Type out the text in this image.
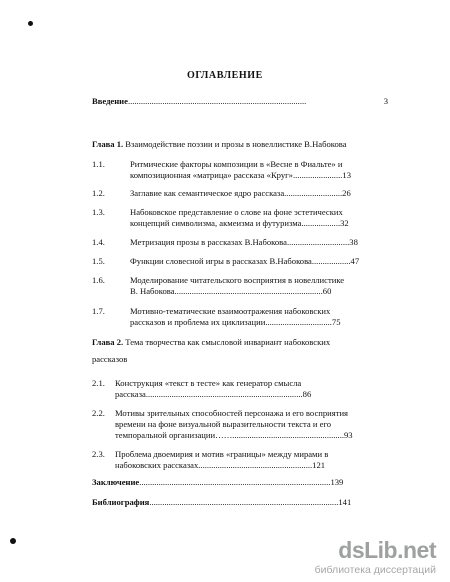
ОГЛАВЛЕНИЕ
Введение...................................................................................	3
Глава 1. Взаимодействие поэзии и прозы в новеллистике В.Набокова
1.1.	Ритмические факторы композиции в «Весне в Фиальте» и
композиционная «матрица» рассказа «Круг».......................13
1.2.	Заглавие как семантическое ядро рассказа...........................26
1.3.	Набоковское представление о слове на фоне эстетических
концепций символизма, акмеизма и футуризма..................32
1.4.	Метризация прозы в рассказах В.Набокова.............................38
1.5.	Функции словесной игры в рассказах В.Набокова..................47
1.6.	Моделирование читательского восприятия в новеллистике
В. Набокова.....................................................................60
1.7.	Мотивно-тематические взаимоотражения набоковских
рассказов и проблема их циклизации...............................75
Глава 2. Тема творчества как смысловой инвариант набоковских
рассказов
2.1. Конструкция «текст в тесте» как генератор смысла
рассказа.........................................................................86
2.2. Мотивы зрительных способностей персонажа и его восприятия
времени на фоне визуальной выразительности текста и его
темпоральной организации……....................................................93
2.3. Проблема двоемирия и мотив «границы» между мирами в
набоковских рассказах.....................................................121
Заключение.........................................................................................139
Библиография........................................................................................141
dsLib.net
библиотека диссертаций
